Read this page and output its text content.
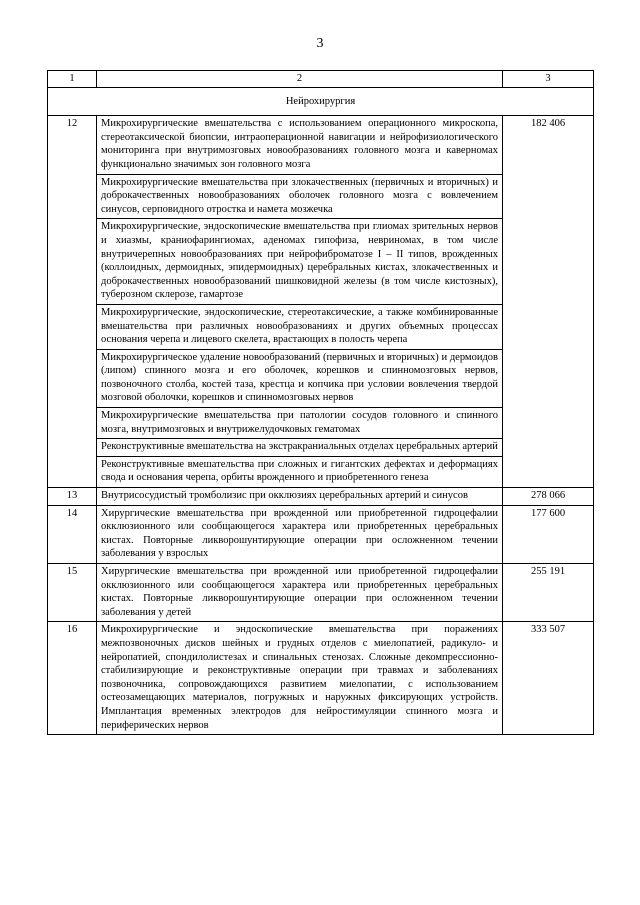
3
1	2	3
Нейрохирургия		
12	Микрохирургические вмешательства с использованием операционного микроскопа, стереотаксической биопсии, интраоперационной навигации и нейрофизиологического мониторинга при внутримозговых новообразованиях головного мозга и каверномах функционально значимых зон головного мозга	182 406
	Микрохирургические вмешательства при злокачественных (первичных и вторичных) и доброкачественных новообразованиях оболочек головного мозга с вовлечением синусов, серповидного отростка и намета мозжечка	
	Микрохирургические, эндоскопические вмешательства при глиомах зрительных нервов и хиазмы, краниофарингиомах, аденомах гипофиза, невриномах, в том числе внутричерепных новообразованиях при нейрофиброматозе I – II типов, врожденных (коллоидных, дермоидных, эпидермоидных) церебральных кистах, злокачественных и доброкачественных новообразований шишковидной железы (в том числе кистозных), туберозном склерозе, гамартозе	
	Микрохирургические, эндоскопические, стереотаксические, а также комбинированные вмешательства при различных новообразованиях и других объемных процессах основания черепа и лицевого скелета, врастающих в полость черепа	
	Микрохирургическое удаление новообразований (первичных и вторичных) и дермоидов (липом) спинного мозга и его оболочек, корешков и спинномозговых нервов, позвоночного столба, костей таза, крестца и копчика при условии вовлечения твердой мозговой оболочки, корешков и спинномозговых нервов	
	Микрохирургические вмешательства при патологии сосудов головного и спинного мозга, внутримозговых и внутрижелудочковых гематомах	
	Реконструктивные вмешательства на экстракраниальных отделах церебральных артерий	
	Реконструктивные вмешательства при сложных и гигантских дефектах и деформациях свода и основания черепа, орбиты врожденного и приобретенного генеза	
13	Внутрисосудистый тромболизис при окклюзиях церебральных артерий и синусов	278 066
14	Хирургические вмешательства при врожденной или приобретенной гидроцефалии окклюзионного или сообщающегося характера или приобретенных церебральных кистах. Повторные ликворошунтирующие операции при осложненном течении заболевания у взрослых	177 600
15	Хирургические вмешательства при врожденной или приобретенной гидроцефалии окклюзионного или сообщающегося характера или приобретенных церебральных кистах. Повторные ликворошунтирующие операции при осложненном течении заболевания у детей	255 191
16	Микрохирургические и эндоскопические вмешательства при поражениях межпозвоночных дисков шейных и грудных отделов с миелопатией, радикуло- и нейропатией, спондилолистезах и спинальных стенозах. Сложные декомпрессионно-стабилизирующие и реконструктивные операции при травмах и заболеваниях позвоночника, сопровождающихся развитием миелопатии, с использованием остеозамещающих материалов, погружных и наружных фиксирующих устройств. Имплантация временных электродов для нейростимуляции спинного мозга и периферических нервов	333 507
